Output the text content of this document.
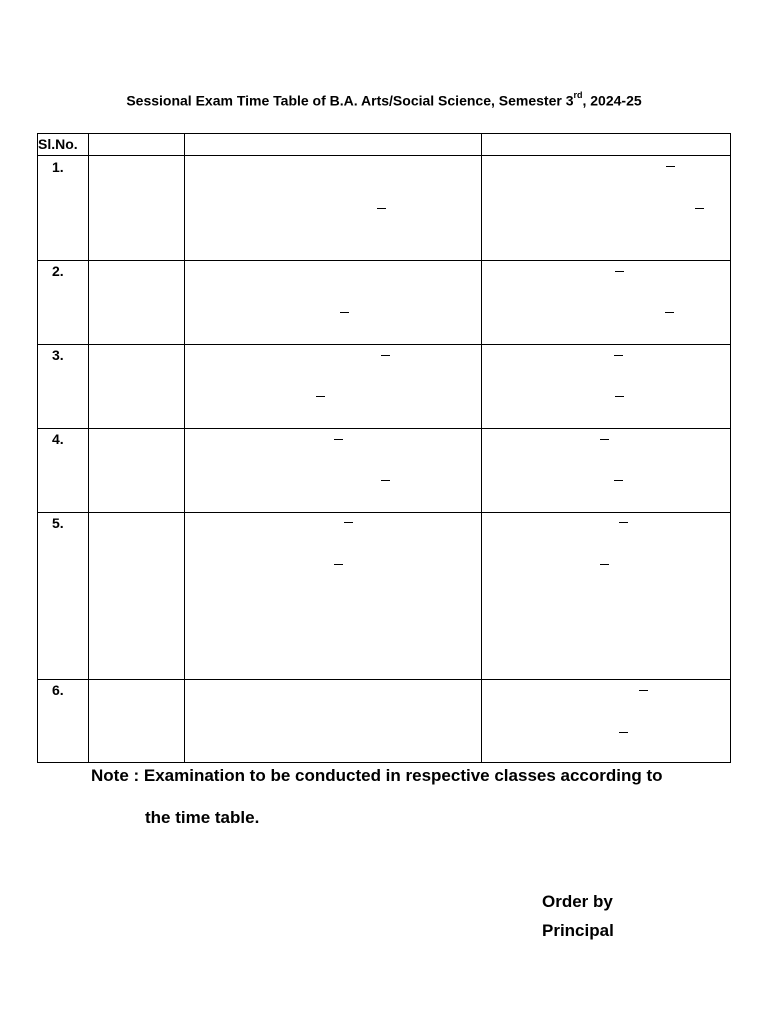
Sessional Exam Time Table of B.A. Arts/Social Science, Semester 3rd, 2024-25
Sl.No.
1.
2.
3.
4.
5.
6.
Note : Examination to be conducted in respective classes according to
the time table.
Order by
Principal
